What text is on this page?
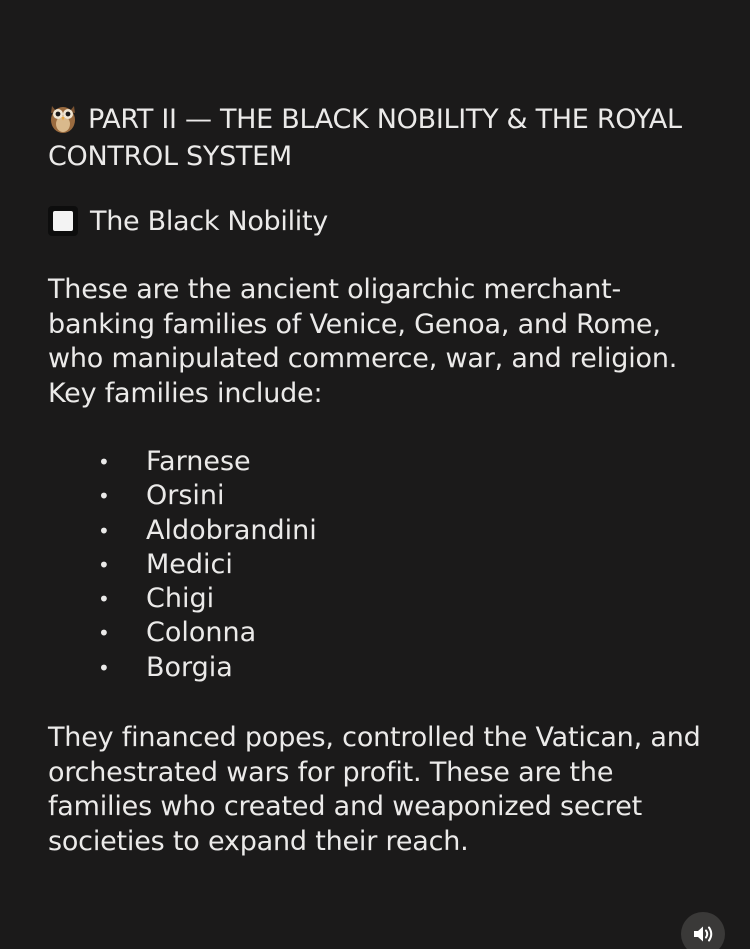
PART II — THE BLACK NOBILITY & THE ROYAL CONTROL SYSTEM
The Black Nobility

These are the ancient oligarchic merchant-banking families of Venice, Genoa, and Rome, who manipulated commerce, war, and religion. Key families include:

• Farnese
• Orsini
• Aldobrandini
• Medici
• Chigi
• Colonna
• Borgia

They financed popes, controlled the Vatican, and orchestrated wars for profit. These are the families who created and weaponized secret societies to expand their reach.
